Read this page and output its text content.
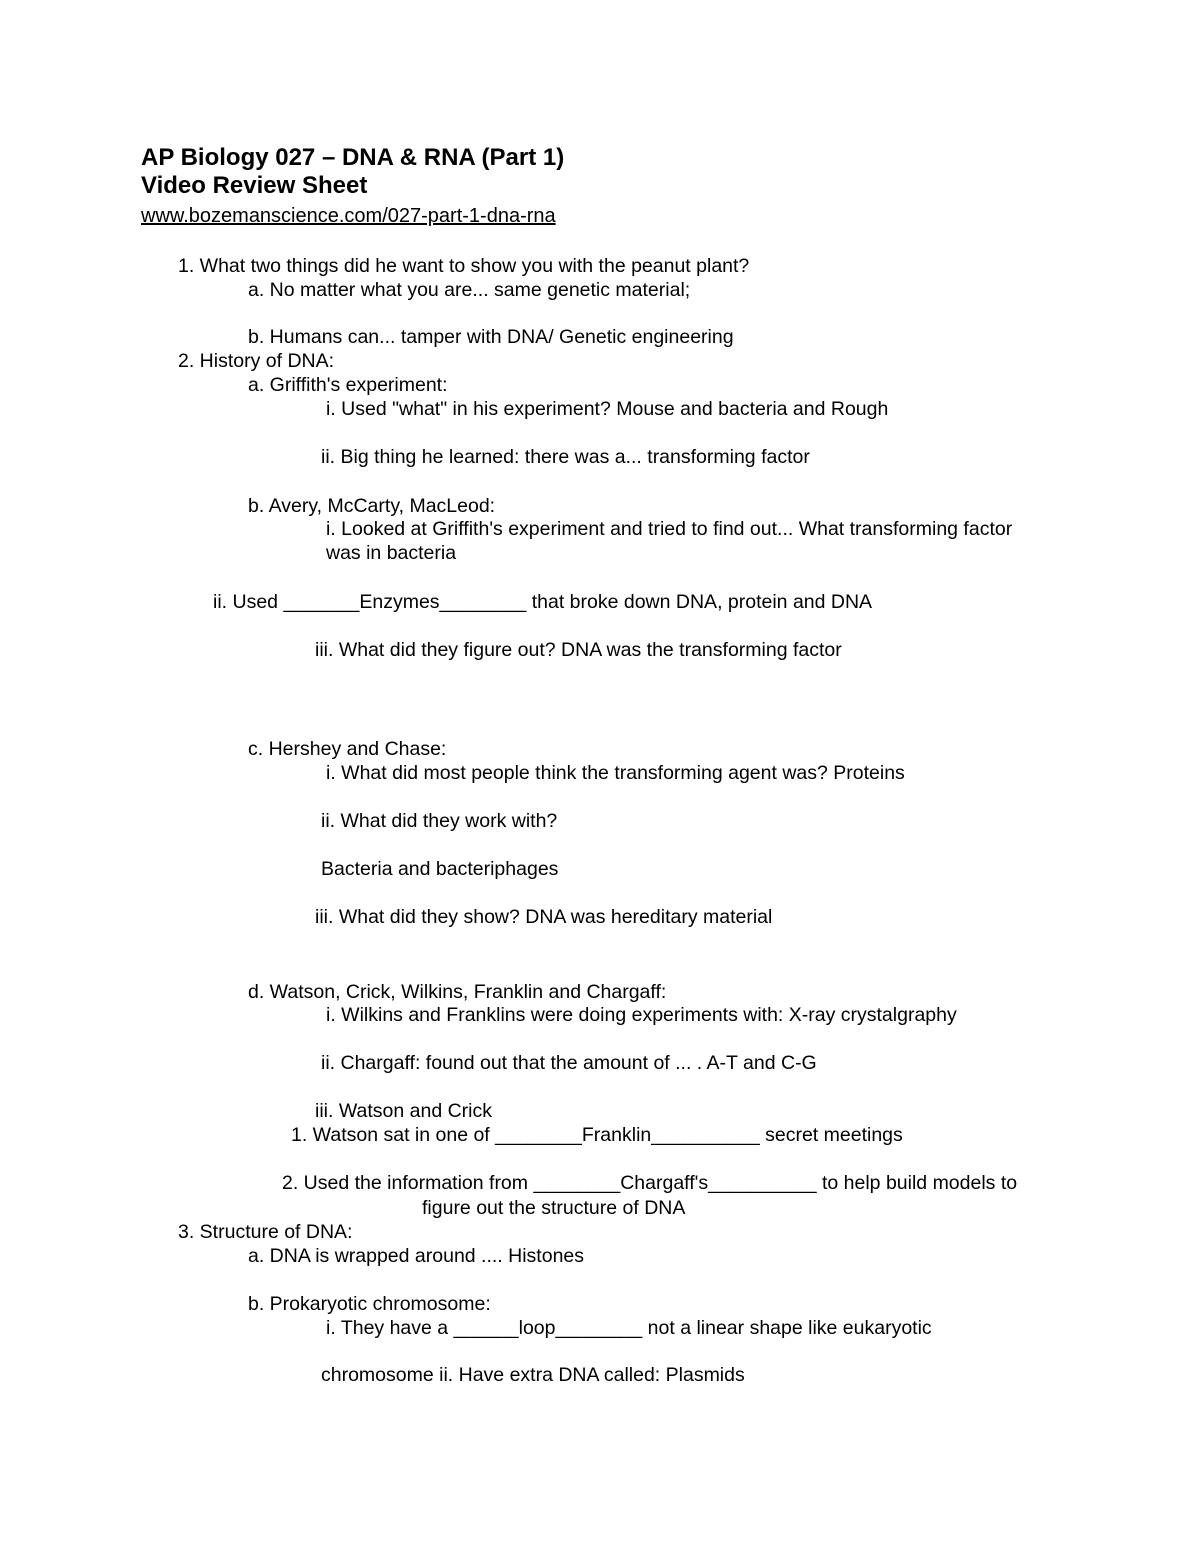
AP Biology 027 – DNA & RNA (Part 1)
Video Review Sheet
www.bozemanscience.com/027-part-1-dna-rna
1. What two things did he want to show you with the peanut plant?
a. No matter what you are... same genetic material;
b. Humans can... tamper with DNA/ Genetic engineering
2. History of DNA:
a. Griffith's experiment:
i. Used "what" in his experiment? Mouse and bacteria and Rough
ii. Big thing he learned: there was a... transforming factor
b. Avery, McCarty, MacLeod:
i. Looked at Griffith's experiment and tried to find out... What transforming factor
was in bacteria
ii. Used _______Enzymes________ that broke down DNA, protein and DNA
iii. What did they figure out? DNA was the transforming factor
c. Hershey and Chase:
i. What did most people think the transforming agent was? Proteins
ii. What did they work with?
Bacteria and bacteriphages
iii. What did they show? DNA was hereditary material
d. Watson, Crick, Wilkins, Franklin and Chargaff:
i. Wilkins and Franklins were doing experiments with: X-ray crystalgraphy
ii. Chargaff: found out that the amount of ... . A-T and C-G
iii. Watson and Crick
1. Watson sat in one of ________Franklin__________ secret meetings
2. Used the information from ________Chargaff's__________ to help build models to
figure out the structure of DNA
3. Structure of DNA:
a. DNA is wrapped around .... Histones
b. Prokaryotic chromosome:
i. They have a ______loop________ not a linear shape like eukaryotic
chromosome ii. Have extra DNA called: Plasmids
